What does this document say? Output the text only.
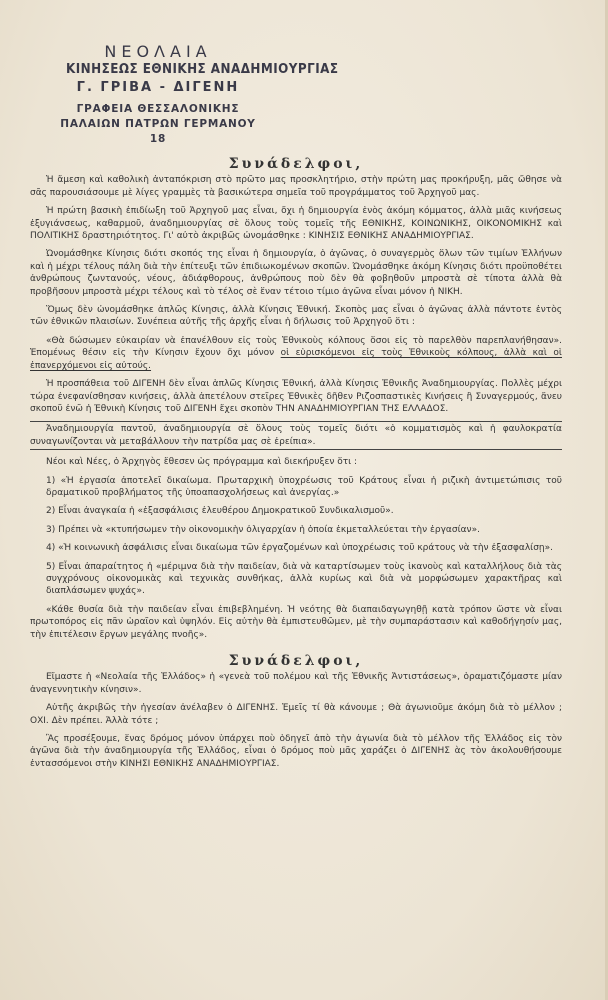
ΝΕΟΛΑΙΑ
ΚΙΝΗΣΕΩΣ ΕΘΝΙΚΗΣ ΑΝΑΔΗΜΙΟΥΡΓΙΑΣ
Γ. ΓΡΙΒΑ - ΔΙΓΕΝΗ
ΓΡΑΦΕΙΑ ΘΕΣΣΑΛΟΝΙΚΗΣ
ΠΑΛΑΙΩΝ ΠΑΤΡΩΝ ΓΕΡΜΑΝΟΥ 18
Συνάδελφοι,

Ἡ ἄμεση καὶ καθολικὴ ἀνταπόκριση στὸ πρῶτο μας προσκλητήριο, στὴν πρώτη μας προκήρυξη, μᾶς ὤθησε νὰ σᾶς παρουσιάσουμε μὲ λίγες γραμμὲς τὰ βασικώτερα σημεῖα τοῦ προγράμματος τοῦ Ἀρχηγοῦ μας.

Ἡ πρώτη βασικὴ ἐπιδίωξη τοῦ Ἀρχηγοῦ μας εἶναι, ὄχι ἡ δημιουργία ἑνὸς ἀκόμη κόμματος, ἀλλὰ μιᾶς κινήσεως ἐξυγιάνσεως, καθαρμοῦ, ἀναδημιουργίας σὲ ὅλους τοὺς τομεῖς τῆς ΕΘΝΙΚΗΣ, ΚΟΙΝΩΝΙΚΗΣ, ΟΙΚΟΝΟΜΙΚΗΣ καὶ ΠΟΛΙΤΙΚΗΣ δραστηριότητος. Γι' αὐτὸ ἀκριβῶς ὠνομάσθηκε : ΚΙΝΗΣΙΣ ΕΘΝΙΚΗΣ ΑΝΑΔΗΜΙΟΥΡΓΙΑΣ.

Ὠνομάσθηκε Κίνησις διότι σκοπός της εἶναι ἡ δημιουργία, ὁ ἀγῶνας, ὁ συναγερμὸς ὅλων τῶν τιμίων Ἑλλήνων καὶ ἡ μέχρι τέλους πάλη διὰ τὴν ἐπίτευξι τῶν ἐπιδιωκομένων σκοπῶν. Ὠνομάσθηκε ἀκόμη Κίνησις διότι προϋποθέτει ἀνθρώπους ζωντανούς, νέους, ἀδιάφθορους, ἀνθρώπους ποὺ δὲν θὰ φοβηθοῦν μπροστὰ σὲ τίποτα ἀλλὰ θὰ προβῆσουν μπροστὰ μέχρι τέλους καὶ τὸ τέλος σὲ ἕναν τέτοιο τίμιο ἀγῶνα εἶναι μόνον ἡ ΝΙΚΗ.

Ὅμως δὲν ὠνομάσθηκε ἁπλῶς Κίνησις, ἀλλὰ Κίνησις Ἐθνική. Σκοπὸς μας εἶναι ὁ ἀγῶνας ἀλλὰ πάντοτε ἐντὸς τῶν ἐθνικῶν πλαισίων. Συνέπεια αὐτῆς τῆς ἀρχῆς εἶναι ἡ δήλωσις τοῦ Ἀρχηγοῦ ὅτι :

«Θὰ δώσωμεν εὐκαιρίαν νὰ ἐπανέλθουν εἰς τοὺς Ἐθνικοὺς κόλπους ὅσοι εἰς τὸ παρελθὸν παρεπλανήθησαν». Ἐπομένως θέσιν εἰς τὴν Κίνησιν ἔχουν ὄχι μόνον οἱ εὑρισκόμενοι εἰς τοὺς Ἐθνικοὺς κόλπους, ἀλλὰ καὶ οἱ ἐπανερχόμενοι εἰς αὐτούς.

Ἡ προσπάθεια τοῦ ΔΙΓΕΝΗ δὲν εἶναι ἁπλῶς Κίνησις Ἐθνική, ἀλλὰ Κίνησις Ἐθνικῆς Ἀναδημιουργίας. Πολλὲς μέχρι τώρα ἐνεφανίσθησαν κινήσεις, ἀλλὰ ἀπετέλουν στεῖρες Ἐθνικὲς δῆθεν Ριζοσπαστικὲς Κινήσεις ἢ Συναγερμούς, ἄνευ σκοποῦ ἐνῶ ἡ Ἐθνικὴ Κίνησις τοῦ ΔΙΓΕΝΗ ἔχει σκοπὸν ΤΗΝ ΑΝΑΔΗΜΙΟΥΡΓΙΑΝ ΤΗΣ ΕΛΛΑΔΟΣ.

Ἀναδημιουργία παντοῦ, ἀναδημιουργία σὲ ὅλους τοὺς τομεῖς διότι «ὁ κομματισμὸς καὶ ἡ φαυλοκρατία συναγωνίζονται νὰ μεταβάλλουν τὴν πατρίδα μας σὲ ἐρείπια».

Νέοι καὶ Νέες, ὁ Ἀρχηγὸς ἔθεσεν ὡς πρόγραμμα καὶ διεκήρυξεν ὅτι :

1) «Ἡ ἐργασία ἀποτελεῖ δικαίωμα. Πρωταρχικὴ ὑποχρέωσις τοῦ Κράτους εἶναι ἡ ριζικὴ ἀντιμετώπισις τοῦ δραματικοῦ προβλήματος τῆς ὑποαπασχολήσεως καὶ ἀνεργίας.»

2) Εἶναι ἀναγκαία ἡ «ἐξασφάλισις ἐλευθέρου Δημοκρατικοῦ Συνδικαλισμοῦ».

3) Πρέπει νὰ «κτυπήσωμεν τὴν οἰκονομικὴν ὀλιγαρχίαν ἡ ὁποία ἐκμεταλλεύεται τὴν ἐργασίαν».

4) «Ἡ κοινωνικὴ ἀσφάλισις εἶναι δικαίωμα τῶν ἐργαζομένων καὶ ὑποχρέωσις τοῦ κράτους νὰ τὴν ἐξασφαλίσῃ».

5) Εἶναι ἀπαραίτητος ἡ «μέριμνα διὰ τὴν παιδείαν, διὰ νὰ καταρτίσωμεν τοὺς ἱκανοὺς καὶ καταλλήλους διὰ τὰς συγχρόνους οἰκονομικὰς καὶ τεχνικὰς συνθήκας, ἀλλὰ κυρίως καὶ διὰ νὰ μορφώσωμεν χαρακτῆρας καὶ διαπλάσωμεν ψυχάς».

«Κάθε θυσία διὰ τὴν παιδείαν εἶναι ἐπιβεβλημένη. Ἡ νεότης θὰ διαπαιδαγωγηθῇ κατὰ τρόπον ὥστε νὰ εἶναι πρωτοπόρος εἰς πᾶν ὡραῖον καὶ ὑψηλόν. Εἰς αὐτὴν θὰ ἐμπιστευθῶμεν, μὲ τὴν συμπαράστασιν καὶ καθοδήγησίν μας, τὴν ἐπιτέλεσιν ἔργων μεγάλης πνοῆς».

Συνάδελφοι,

Εἴμαστε ἡ «Νεολαία τῆς Ἑλλάδος» ἡ «γενεὰ τοῦ πολέμου καὶ τῆς Ἐθνικῆς Ἀντιστάσεως», ὁραματιζόμαστε μίαν ἀναγεννητικὴν κίνησιν».

Αὐτῆς ἀκριβῶς τὴν ἡγεσίαν ἀνέλαβεν ὁ ΔΙΓΕΝΗΣ. Ἐμεῖς τί θὰ κάνουμε ; Θὰ ἀγωνιοῦμε ἀκόμη διὰ τὸ μέλλον ; ΟΧΙ. Δὲν πρέπει. Ἀλλὰ τότε ;

Ἂς προσέξουμε, ἕνας δρόμος μόνον ὑπάρχει ποὺ ὁδηγεῖ ἀπὸ τὴν ἀγωνία διὰ τὸ μέλλον τῆς Ἑλλάδος εἰς τὸν ἀγῶνα διὰ τὴν ἀναδημιουργία τῆς Ἑλλάδος, εἶναι ὁ δρόμος ποὺ μᾶς χαράζει ὁ ΔΙΓΕΝΗΣ ὰς τὸν ἀκολουθήσουμε ἐντασσόμενοι στὴν ΚΙΝΗΣΙ ΕΘΝΙΚΗΣ ΑΝΑΔΗΜΙΟΥΡΓΙΑΣ.
